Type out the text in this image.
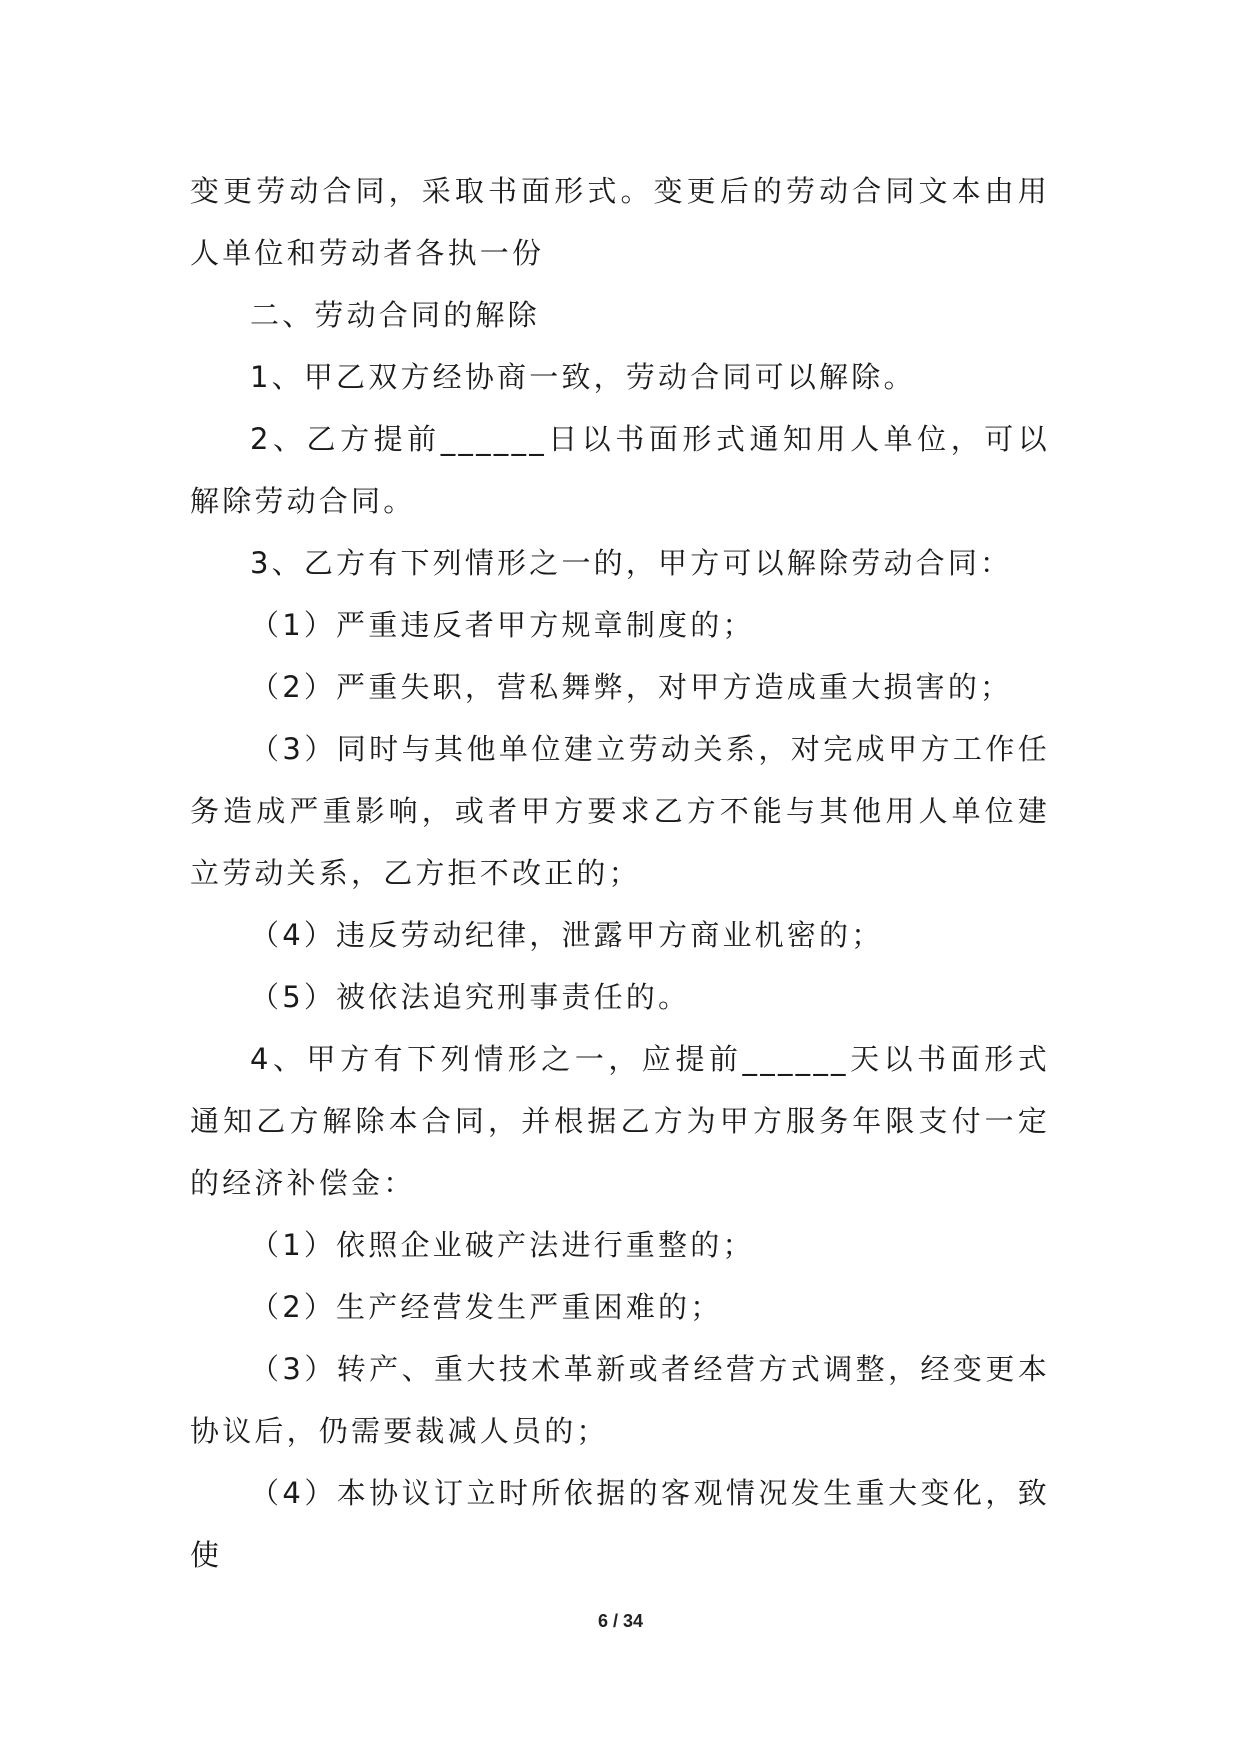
变更劳动合同，采取书面形式。变更后的劳动合同文本由用人单位和劳动者各执一份

二、劳动合同的解除

1、甲乙双方经协商一致，劳动合同可以解除。

2、乙方提前______日以书面形式通知用人单位，可以解除劳动合同。

3、乙方有下列情形之一的，甲方可以解除劳动合同：

（1）严重违反者甲方规章制度的；

（2）严重失职，营私舞弊，对甲方造成重大损害的；

（3）同时与其他单位建立劳动关系，对完成甲方工作任务造成严重影响，或者甲方要求乙方不能与其他用人单位建立劳动关系，乙方拒不改正的；

（4）违反劳动纪律，泄露甲方商业机密的；

（5）被依法追究刑事责任的。

4、甲方有下列情形之一，应提前______天以书面形式通知乙方解除本合同，并根据乙方为甲方服务年限支付一定的经济补偿金：

（1）依照企业破产法进行重整的；

（2）生产经营发生严重困难的；

（3）转产、重大技术革新或者经营方式调整，经变更本协议后，仍需要裁减人员的；

（4）本协议订立时所依据的客观情况发生重大变化，致使

6 / 34
